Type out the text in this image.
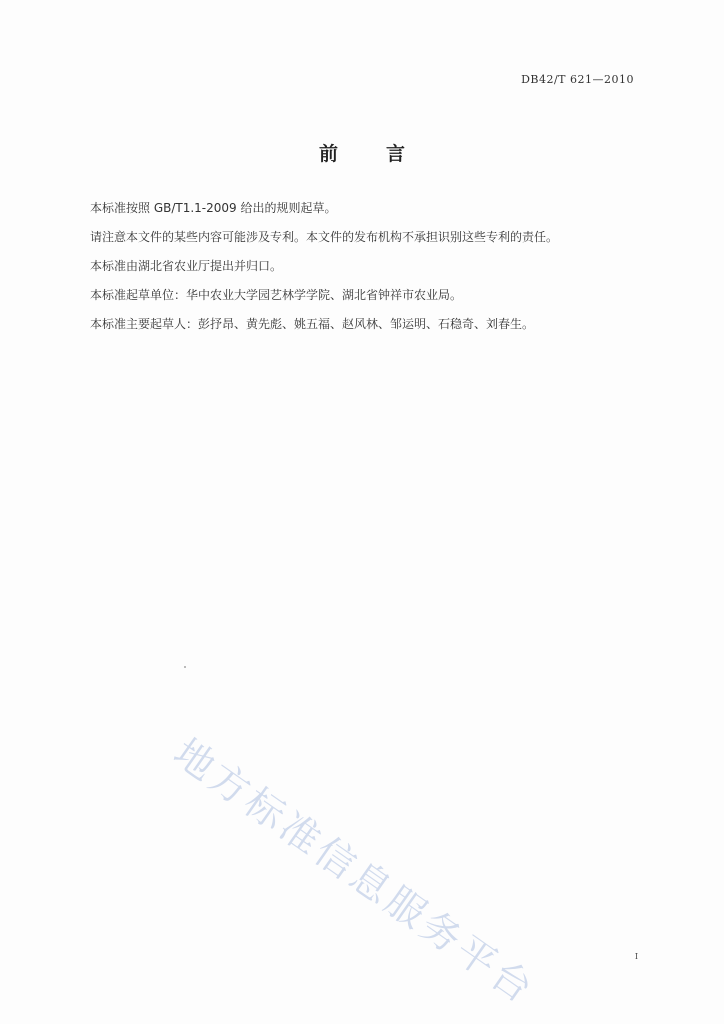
DB42/T 621—2010
前言
本标准按照 GB/T1.1-2009 给出的规则起草。
请注意本文件的某些内容可能涉及专利。本文件的发布机构不承担识别这些专利的责任。
本标准由湖北省农业厅提出并归口。
本标准起草单位：华中农业大学园艺林学学院、湖北省钟祥市农业局。
本标准主要起草人：彭抒昂、黄先彪、姚五福、赵风林、邹运明、石稳奇、刘春生。
地方标准信息服务平台	I
